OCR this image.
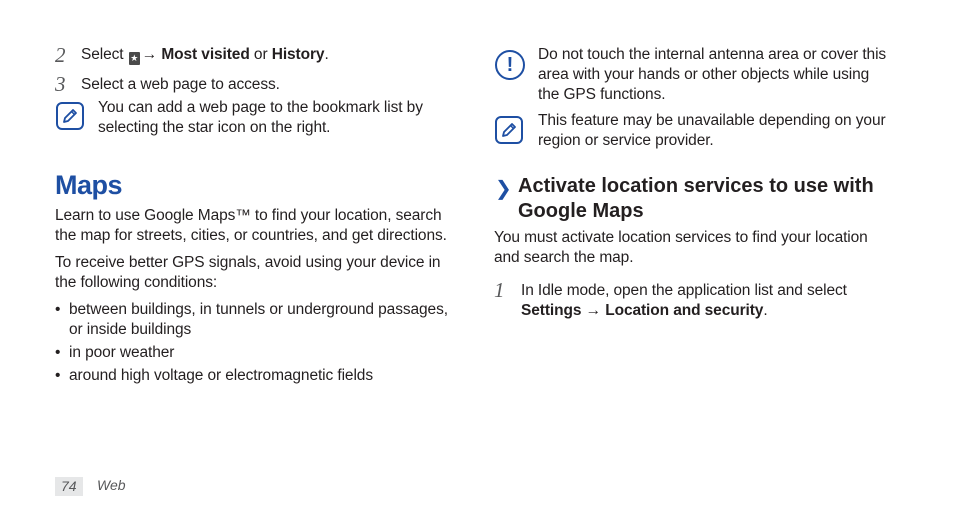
2 Select ★ → Most visited or History.
3 Select a web page to access.
You can add a web page to the bookmark list by
selecting the star icon on the right.
Maps
Learn to use Google Maps™ to find your location, search
the map for streets, cities, or countries, and get directions.
To receive better GPS signals, avoid using your device in
the following conditions:
• between buildings, in tunnels or underground passages,
or inside buildings
• in poor weather
• around high voltage or electromagnetic fields
!	Do not touch the internal antenna area or cover this
area with your hands or other objects while using
the GPS functions.
This feature may be unavailable depending on your
region or service provider.
❯ Activate location services to use with
Google Maps
You must activate location services to find your location
and search the map.
1 In Idle mode, open the application list and select
Settings → Location and security.
74	Web
